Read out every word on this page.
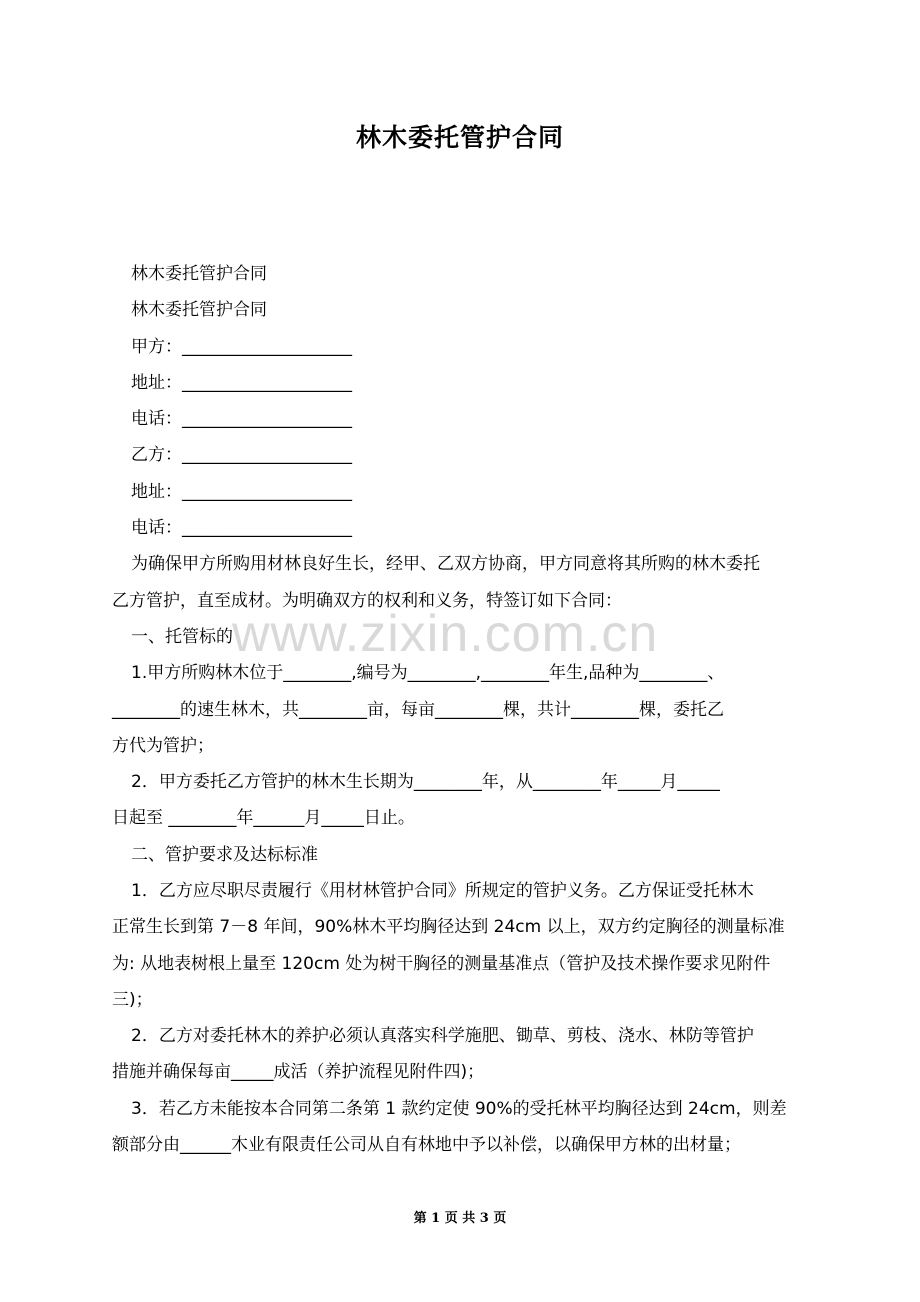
林木委托管护合同
林木委托管护合同
林木委托管护合同
甲方：____________________
地址：____________________
电话：____________________
乙方：____________________
地址：____________________
电话：____________________
为确保甲方所购用材林良好生长，经甲、乙双方协商，甲方同意将其所购的林木委托
乙方管护，直至成材。为明确双方的权利和义务，特签订如下合同：
一、托管标的
1.甲方所购林木位于________,编号为________,________年生,品种为________、
________的速生林木，共________亩，每亩________棵，共计________棵，委托乙
方代为管护；
2．甲方委托乙方管护的林木生长期为________年，从________年_____月_____
日起至 ________年______月_____日止。
二、管护要求及达标标准
1．乙方应尽职尽责履行《用材林管护合同》所规定的管护义务。乙方保证受托林木
正常生长到第 7－8 年间，90%林木平均胸径达到 24cm 以上，双方约定胸径的测量标准
为: 从地表树根上量至 120cm 处为树干胸径的测量基准点（管护及技术操作要求见附件
三)；
2．乙方对委托林木的养护必须认真落实科学施肥、锄草、剪枝、浇水、林防等管护
措施并确保每亩_____成活（养护流程见附件四)；
3．若乙方未能按本合同第二条第 1 款约定使 90%的受托林平均胸径达到 24cm，则差
额部分由______木业有限责任公司从自有林地中予以补偿，以确保甲方林的出材量；
www.zixin.com.cn
第 1 页 共 3 页
